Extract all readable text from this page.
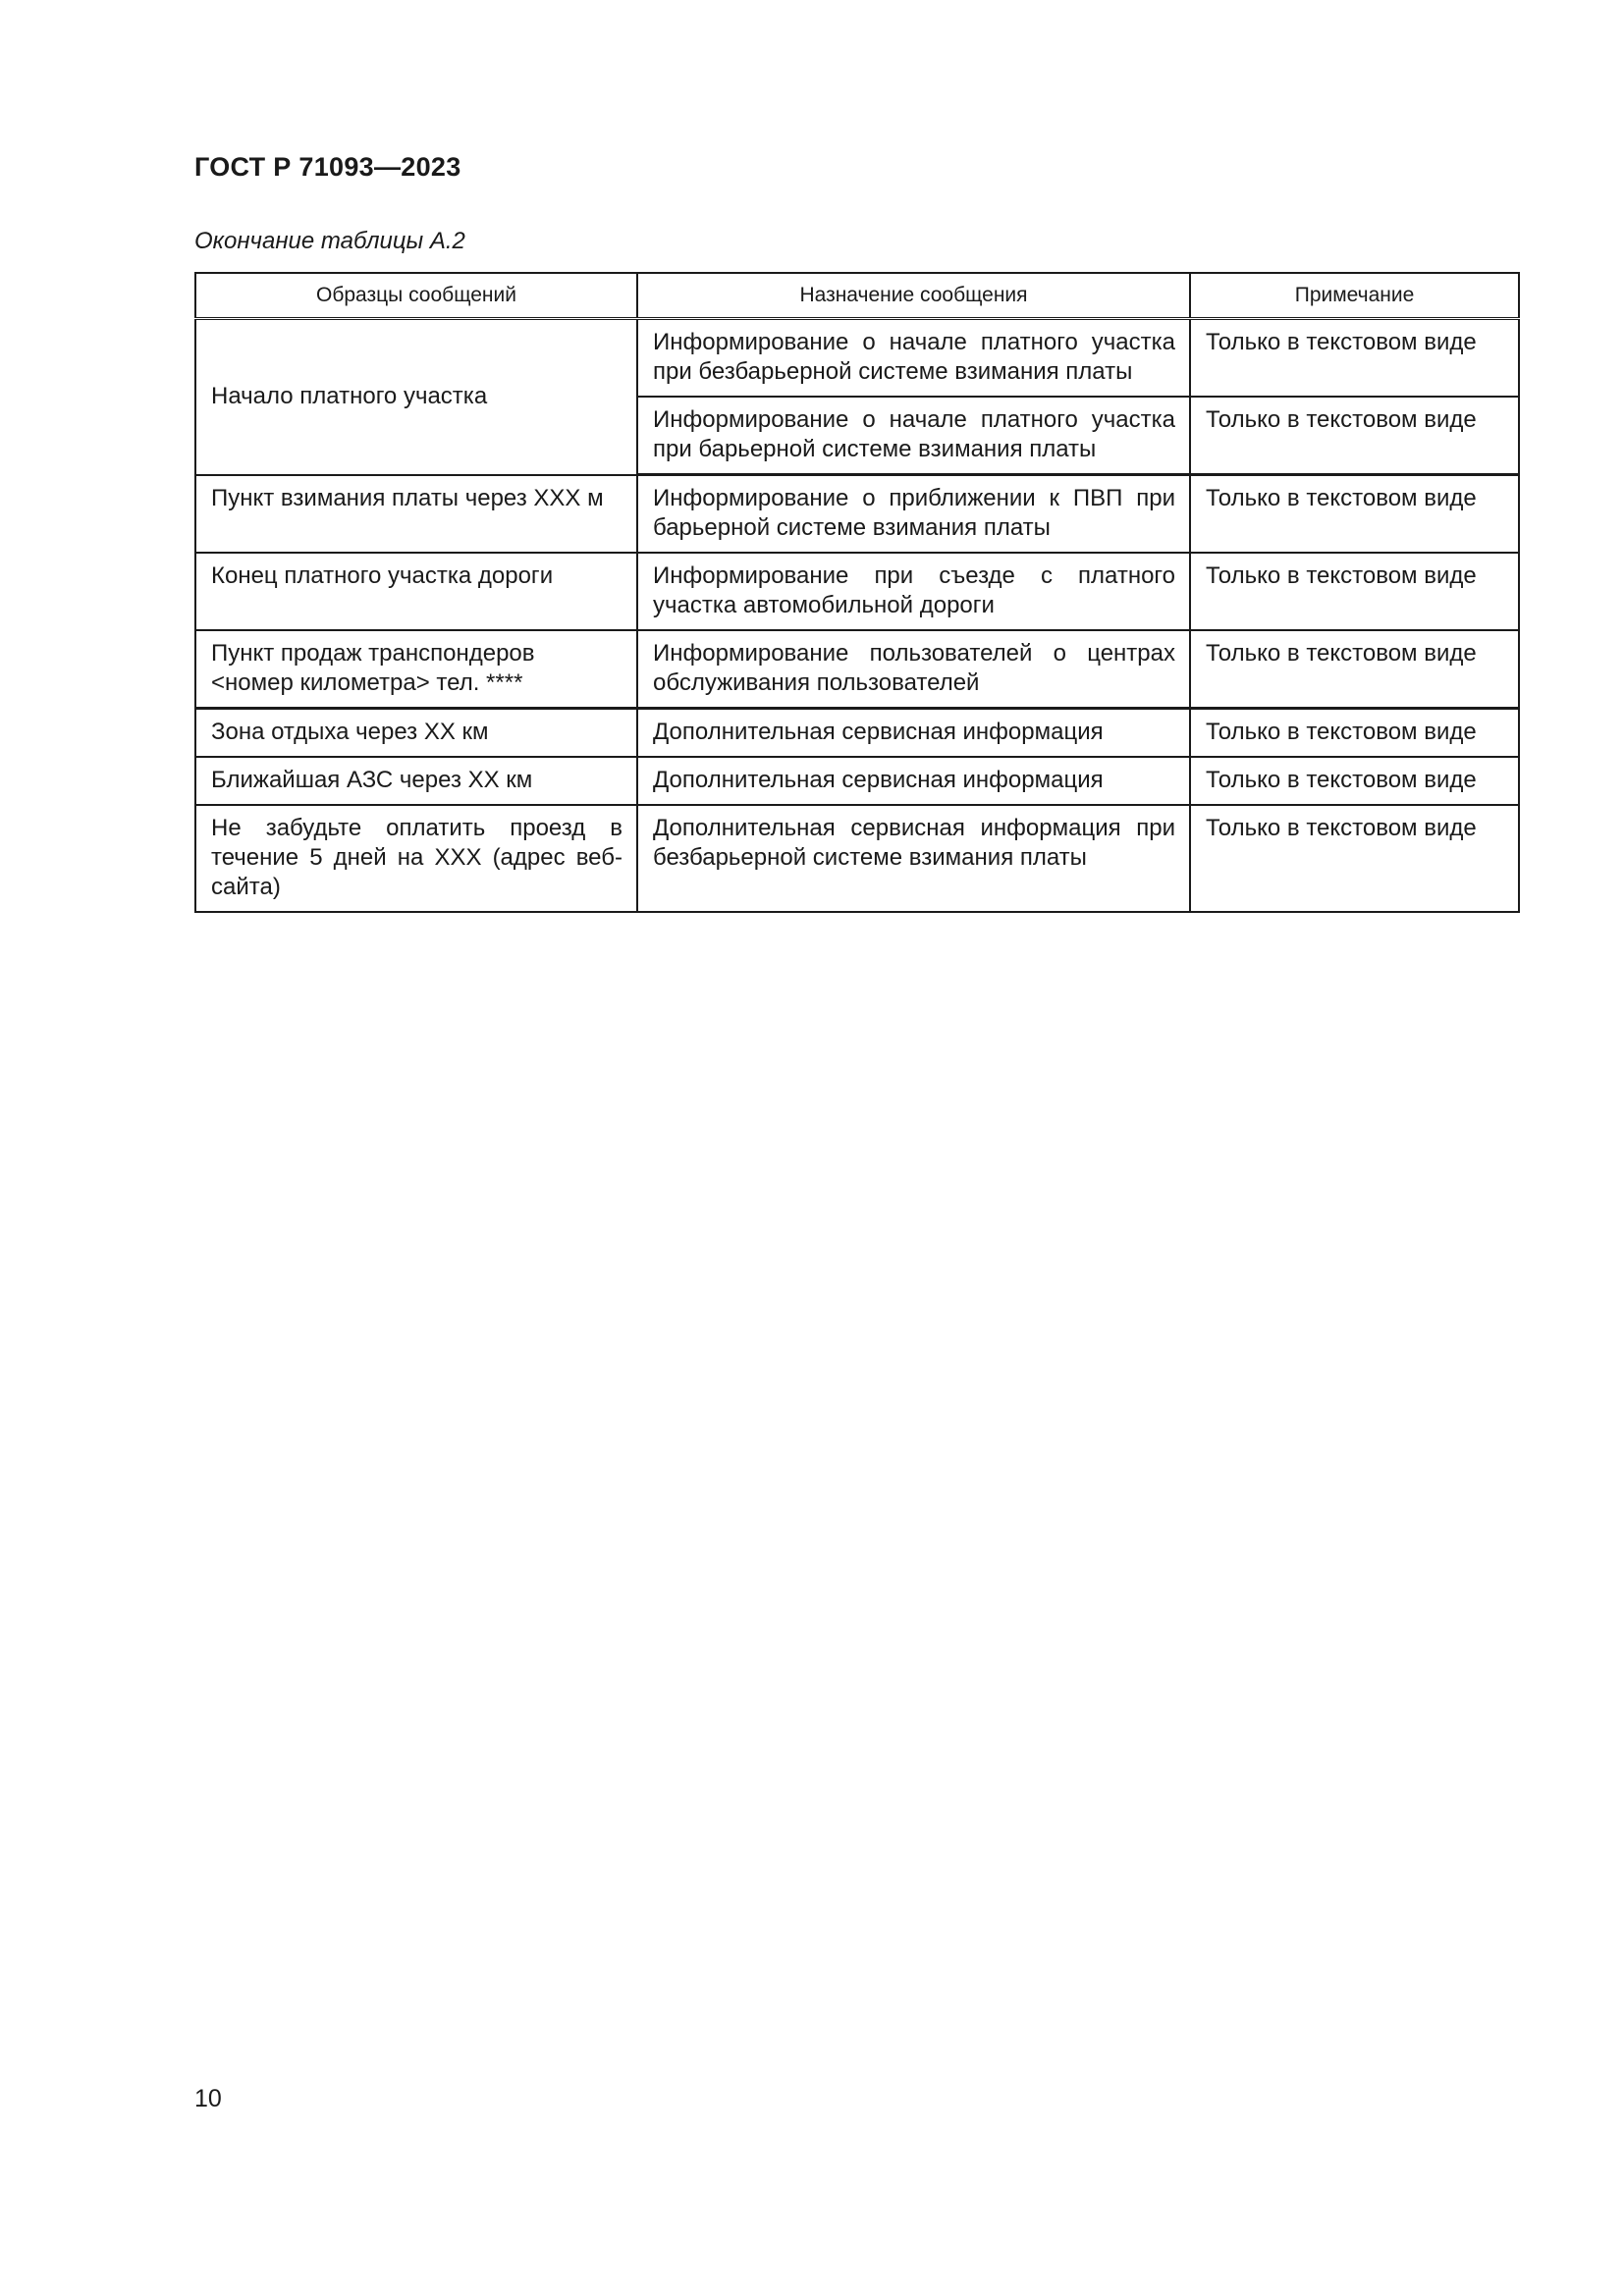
ГОСТ Р 71093—2023
Окончание таблицы А.2
Образцы сообщений	Назначение сообщения	Примечание
Начало платного участка	Информирование о начале платного участка при безбарьерной системе взимания платы	Только в текстовом виде
	Информирование о начале платного участка при барьерной системе взимания платы	Только в текстовом виде
Пункт взимания платы через ХХХ м	Информирование о приближении к ПВП при барьерной системе взимания платы	Только в текстовом виде
Конец платного участка дороги	Информирование при съезде с платного участка автомобильной дороги	Только в текстовом виде
Пункт продаж транспондеров <номер километра> тел. ****	Информирование пользователей о центрах обслуживания пользователей	Только в текстовом виде
Зона отдыха через ХХ км	Дополнительная сервисная информация	Только в текстовом виде
Ближайшая АЗС через ХХ км	Дополнительная сервисная информация	Только в текстовом виде
Не забудьте оплатить проезд в течение 5 дней на ХХХ (адрес веб-сайта)	Дополнительная сервисная информация при безбарьерной системе взимания платы	Только в текстовом виде
10
